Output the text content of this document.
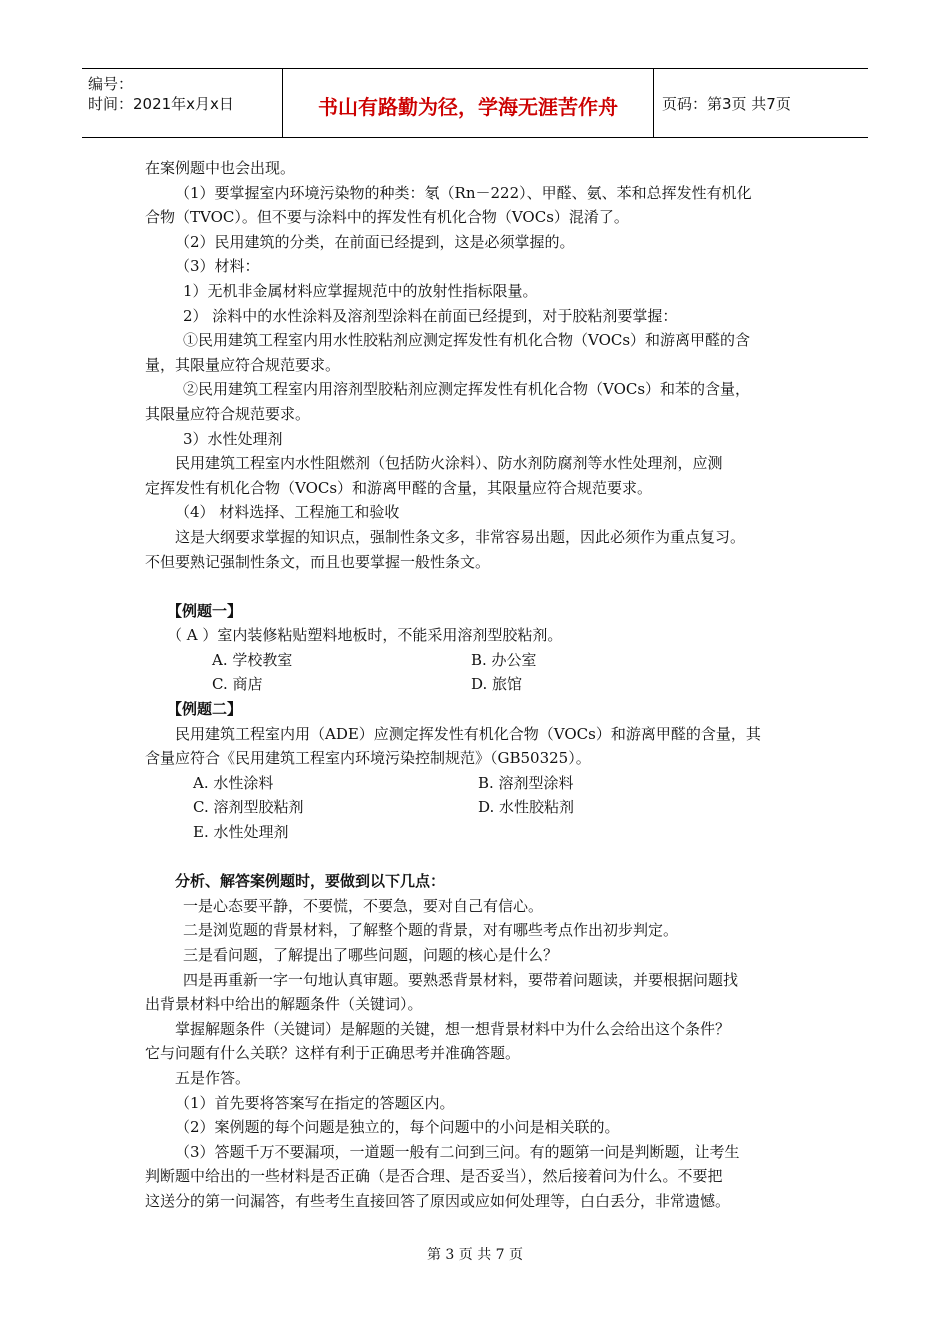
编号：
时间：2021年x月x日	书山有路勤为径，学海无涯苦作舟	页码：第3页 共7页
在案例题中也会出现。
（1）要掌握室内环境污染物的种类：氡（Rn－222）、甲醛、氨、苯和总挥发性有机化
合物（TVOC）。但不要与涂料中的挥发性有机化合物（VOCs）混淆了。
（2）民用建筑的分类，在前面已经提到，这是必须掌握的。
（3）材料：
1）无机非金属材料应掌握规范中的放射性指标限量。
2） 涂料中的水性涂料及溶剂型涂料在前面已经提到，对于胶粘剂要掌握：
①民用建筑工程室内用水性胶粘剂应测定挥发性有机化合物（VOCs）和游离甲醛的含
量，其限量应符合规范要求。
②民用建筑工程室内用溶剂型胶粘剂应测定挥发性有机化合物（VOCs）和苯的含量，
其限量应符合规范要求。
3）水性处理剂
民用建筑工程室内水性阻燃剂（包括防火涂料）、防水剂防腐剂等水性处理剂，应测
定挥发性有机化合物（VOCs）和游离甲醛的含量，其限量应符合规范要求。
（4） 材料选择、工程施工和验收
这是大纲要求掌握的知识点，强制性条文多，非常容易出题，因此必须作为重点复习。
不但要熟记强制性条文，而且也要掌握一般性条文。
【例题一】
（ A ）室内装修粘贴塑料地板时，不能采用溶剂型胶粘剂。
A. 学校教室	B. 办公室
C. 商店	D. 旅馆
【例题二】
民用建筑工程室内用（ADE）应测定挥发性有机化合物（VOCs）和游离甲醛的含量，其
含量应符合《民用建筑工程室内环境污染控制规范》（GB50325）。
A. 水性涂料	B. 溶剂型涂料
C. 溶剂型胶粘剂	D. 水性胶粘剂
E. 水性处理剂
分析、解答案例题时，要做到以下几点：
一是心态要平静，不要慌，不要急，要对自己有信心。
二是浏览题的背景材料，了解整个题的背景，对有哪些考点作出初步判定。
三是看问题，了解提出了哪些问题，问题的核心是什么？
四是再重新一字一句地认真审题。要熟悉背景材料，要带着问题读，并要根据问题找
出背景材料中给出的解题条件（关键词）。
掌握解题条件（关键词）是解题的关键，想一想背景材料中为什么会给出这个条件？
它与问题有什么关联？这样有利于正确思考并准确答题。
五是作答。
（1）首先要将答案写在指定的答题区内。
（2）案例题的每个问题是独立的，每个问题中的小问是相关联的。
（3）答题千万不要漏项，一道题一般有二问到三问。有的题第一问是判断题，让考生
判断题中给出的一些材料是否正确（是否合理、是否妥当），然后接着问为什么。不要把
这送分的第一问漏答，有些考生直接回答了原因或应如何处理等，白白丢分，非常遗憾。
第 3 页 共 7 页
